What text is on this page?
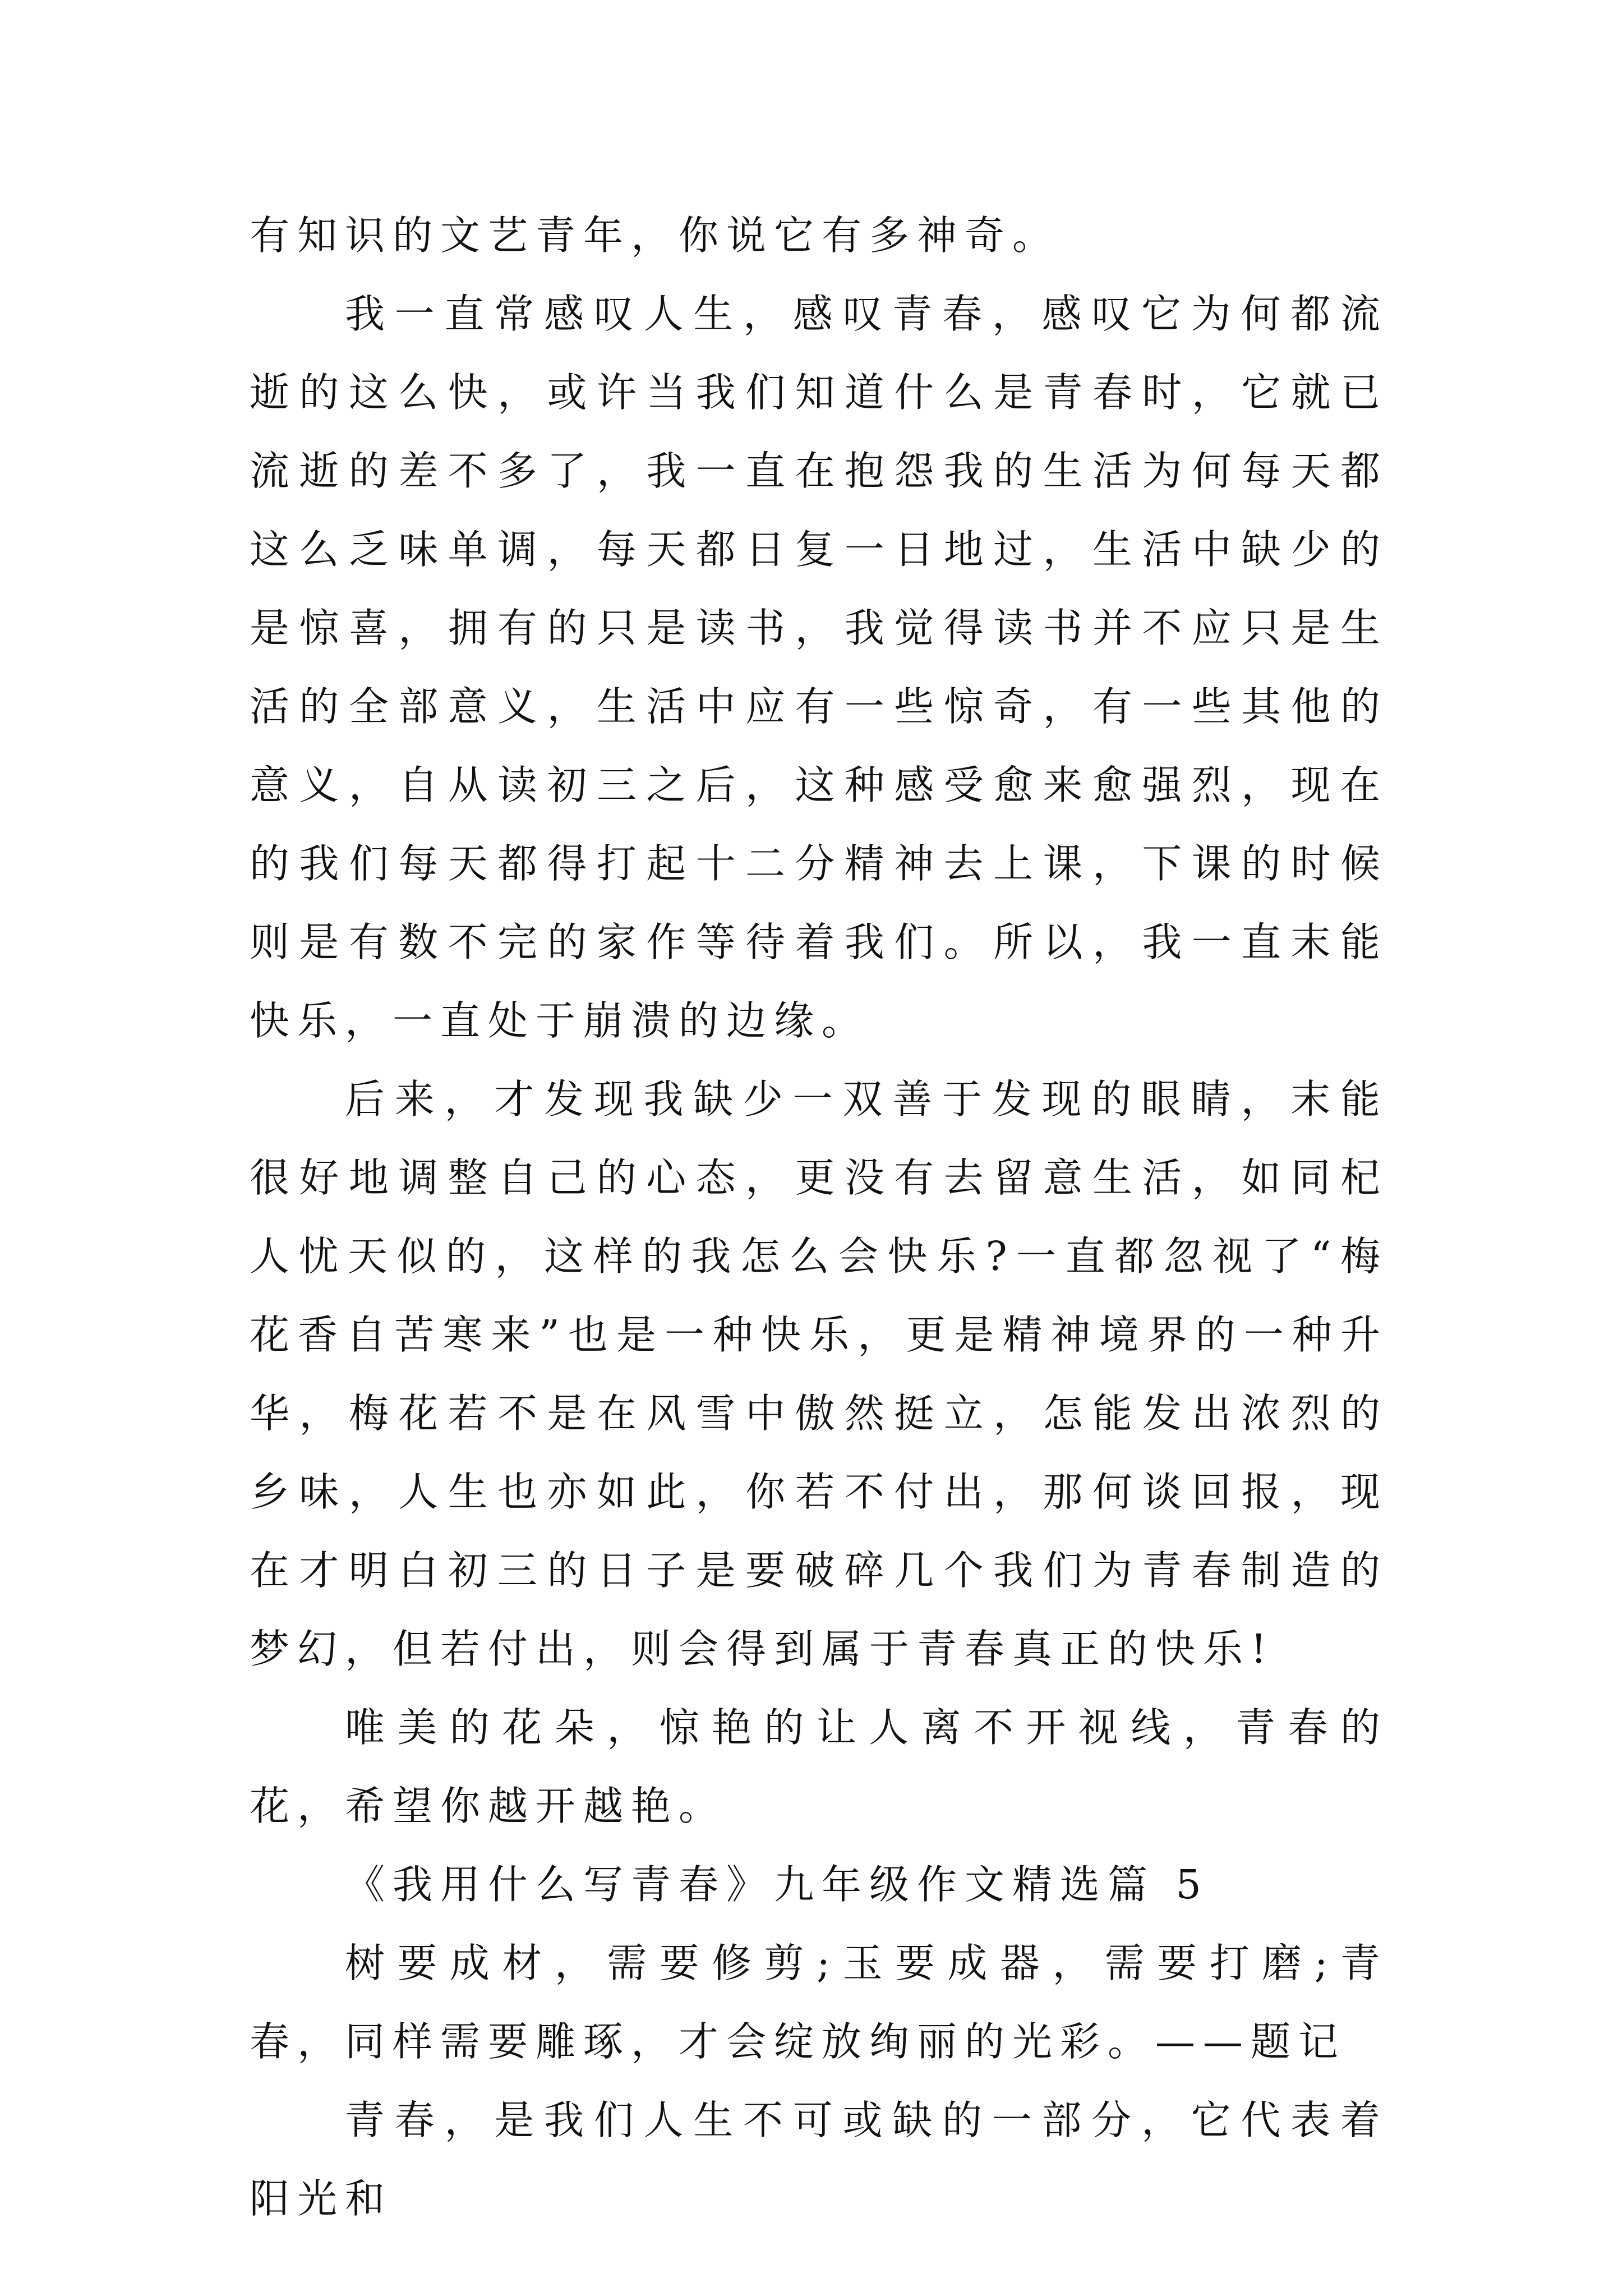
有知识的文艺青年，你说它有多神奇。

我一直常感叹人生，感叹青春，感叹它为何都流逝的这么快，或许当我们知道什么是青春时，它就已流逝的差不多了，我一直在抱怨我的生活为何每天都这么乏味单调，每天都日复一日地过，生活中缺少的是惊喜，拥有的只是读书，我觉得读书并不应只是生活的全部意义，生活中应有一些惊奇，有一些其他的意义，自从读初三之后，这种感受愈来愈强烈，现在的我们每天都得打起十二分精神去上课，下课的时候则是有数不完的家作等待着我们。所以，我一直末能快乐，一直处于崩溃的边缘。

后来，才发现我缺少一双善于发现的眼睛，末能很好地调整自己的心态，更没有去留意生活，如同杞人忧天似的，这样的我怎么会快乐?一直都忽视了“梅花香自苦寒来”也是一种快乐，更是精神境界的一种升华，梅花若不是在风雪中傲然挺立，怎能发出浓烈的乡味，人生也亦如此，你若不付出，那何谈回报，现在才明白初三的日子是要破碎几个我们为青春制造的梦幻，但若付出，则会得到属于青春真正的快乐!

唯美的花朵，惊艳的让人离不开视线，青春的花，希望你越开越艳。

《我用什么写青春》九年级作文精选篇 5

树要成材，需要修剪;玉要成器，需要打磨;青春，同样需要雕琢，才会绽放绚丽的光彩。——题记

青春，是我们人生不可或缺的一部分，它代表着阳光和
